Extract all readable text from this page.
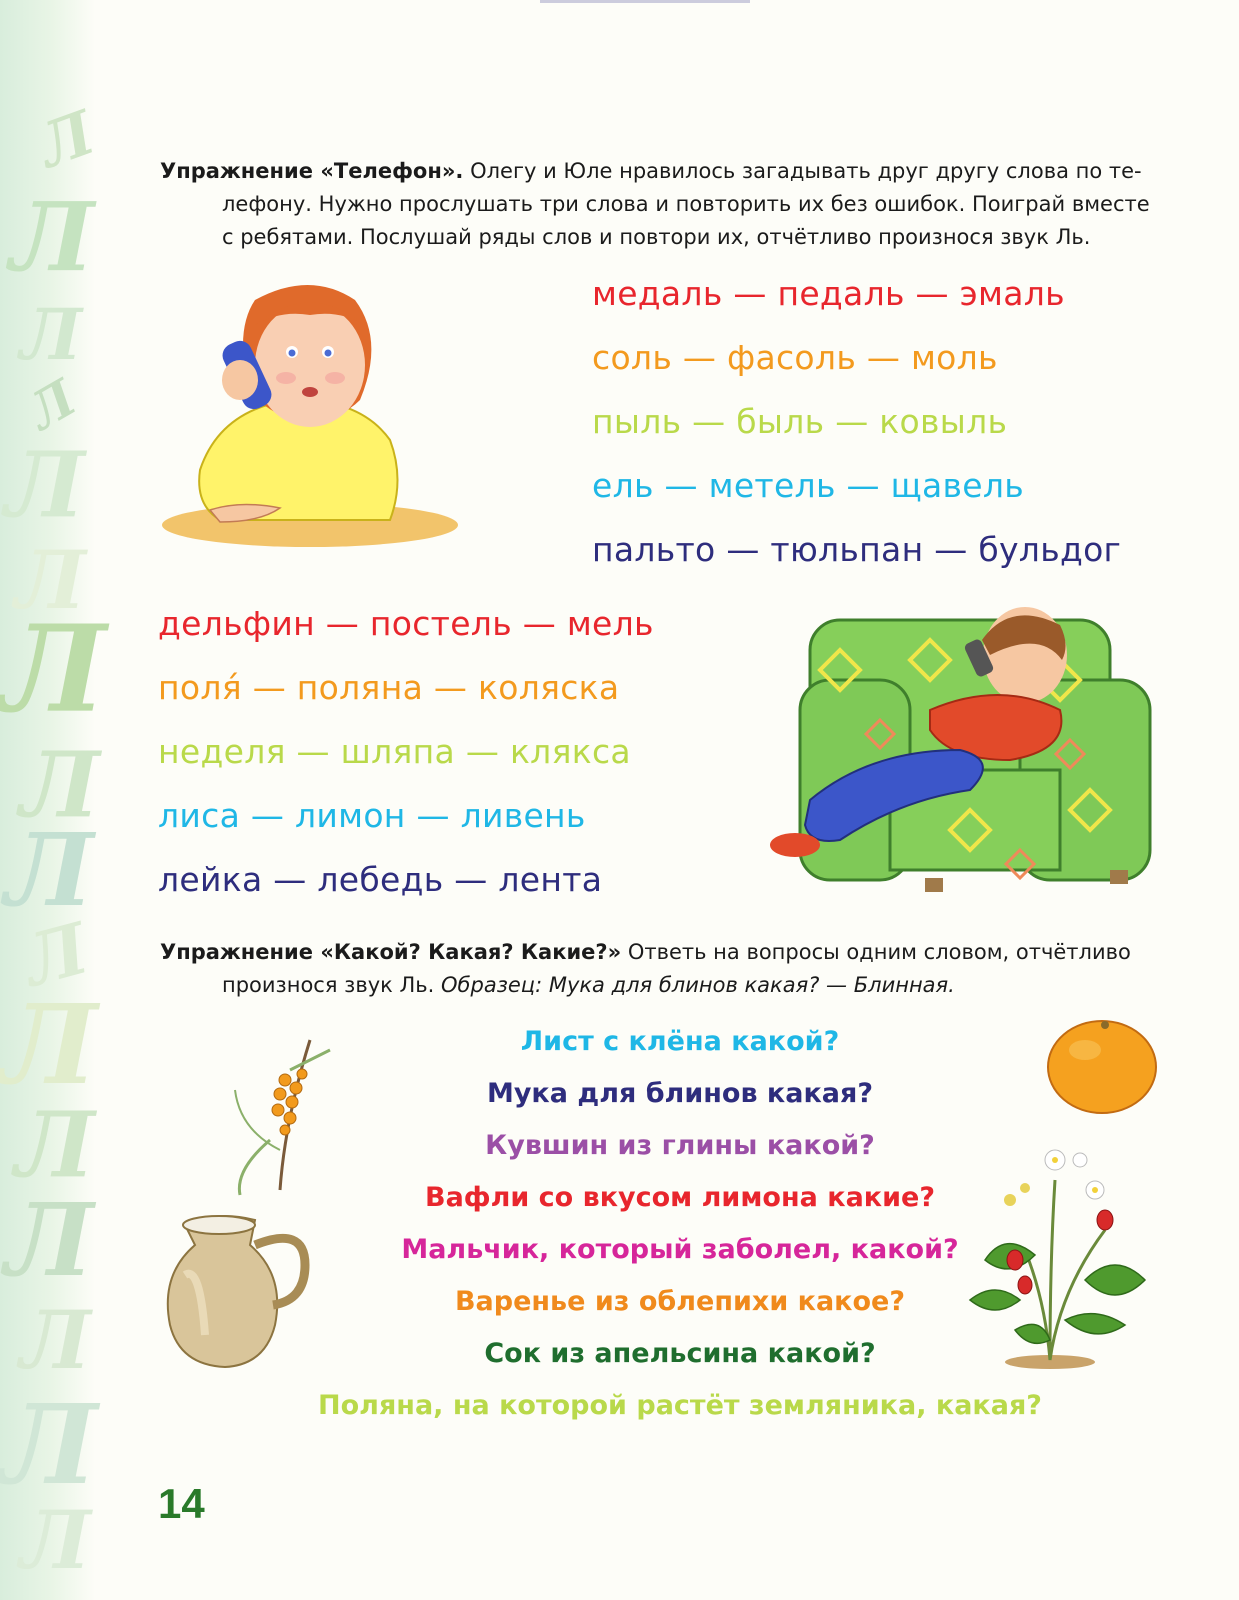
Л
Л
Л
Л
Л
Л
Л
Л
Л
Л
Л
Л
Л
Л
Л
Л

Упражнение «Телефон». Олегу и Юле нравилось загадывать друг другу слова по те-
лефону. Нужно прослушать три слова и повторить их без ошибок. Поиграй вместе
с ребятами. Послушай ряды слов и повтори их, отчётливо произнося звук Ль.

медаль — педаль — эмаль
соль — фасоль — моль
пыль — быль — ковыль
ель — метель — щавель
пальто — тюльпан — бульдог
дельфин — постель — мель
поля́ — поляна — коляска
неделя — шляпа — клякса
лиса — лимон — ливень
лейка — лебедь — лента

Упражнение «Какой? Какая? Какие?» Ответь на вопросы одним словом, отчётливо
произнося звук Ль. Образец: Мука для блинов какая? — Блинная.

Лист с клёна какой?
Мука для блинов какая?
Кувшин из глины какой?
Вафли со вкусом лимона какие?
Мальчик, который заболел, какой?
Варенье из облепихи какое?
Сок из апельсина какой?
Поляна, на которой растёт земляника, какая?
14
